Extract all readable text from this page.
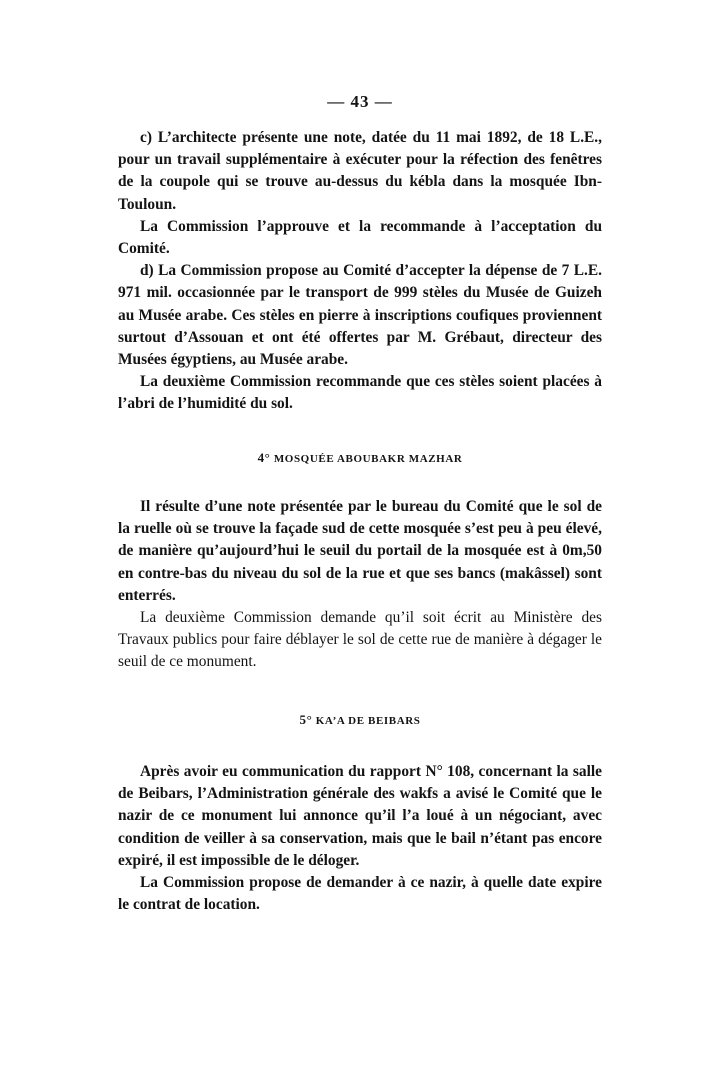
— 43 —

c) L’architecte présente une note, datée du 11 mai 1892, de 18 L.E., pour un travail supplémentaire à exécuter pour la réfection des fenêtres de la coupole qui se trouve au-dessus du kébla dans la mosquée Ibn-Touloun.

La Commission l’approuve et la recommande à l’acceptation du Comité.

d) La Commission propose au Comité d’accepter la dépense de 7 L.E. 971 mil. occasionnée par le transport de 999 stèles du Musée de Guizeh au Musée arabe. Ces stèles en pierre à inscriptions coufiques proviennent surtout d’Assouan et ont été offertes par M. Grébaut, directeur des Musées égyptiens, au Musée arabe.

La deuxième Commission recommande que ces stèles soient placées à l’abri de l’humidité du sol.

4° MOSQUÉE ABOUBAKR MAZHAR

Il résulte d’une note présentée par le bureau du Comité que le sol de la ruelle où se trouve la façade sud de cette mosquée s’est peu à peu élevé, de manière qu’aujourd’hui le seuil du portail de la mosquée est à 0m,50 en contre-bas du niveau du sol de la rue et que ses bancs (makâssel) sont enterrés.

La deuxième Commission demande qu’il soit écrit au Ministère des Travaux publics pour faire déblayer le sol de cette rue de manière à dégager le seuil de ce monument.

5° KA’A DE BEIBARS

Après avoir eu communication du rapport N° 108, concernant la salle de Beibars, l’Administration générale des wakfs a avisé le Comité que le nazir de ce monument lui annonce qu’il l’a loué à un négociant, avec condition de veiller à sa conservation, mais que le bail n’étant pas encore expiré, il est impossible de le déloger.

La Commission propose de demander à ce nazir, à quelle date expire le contrat de location.
